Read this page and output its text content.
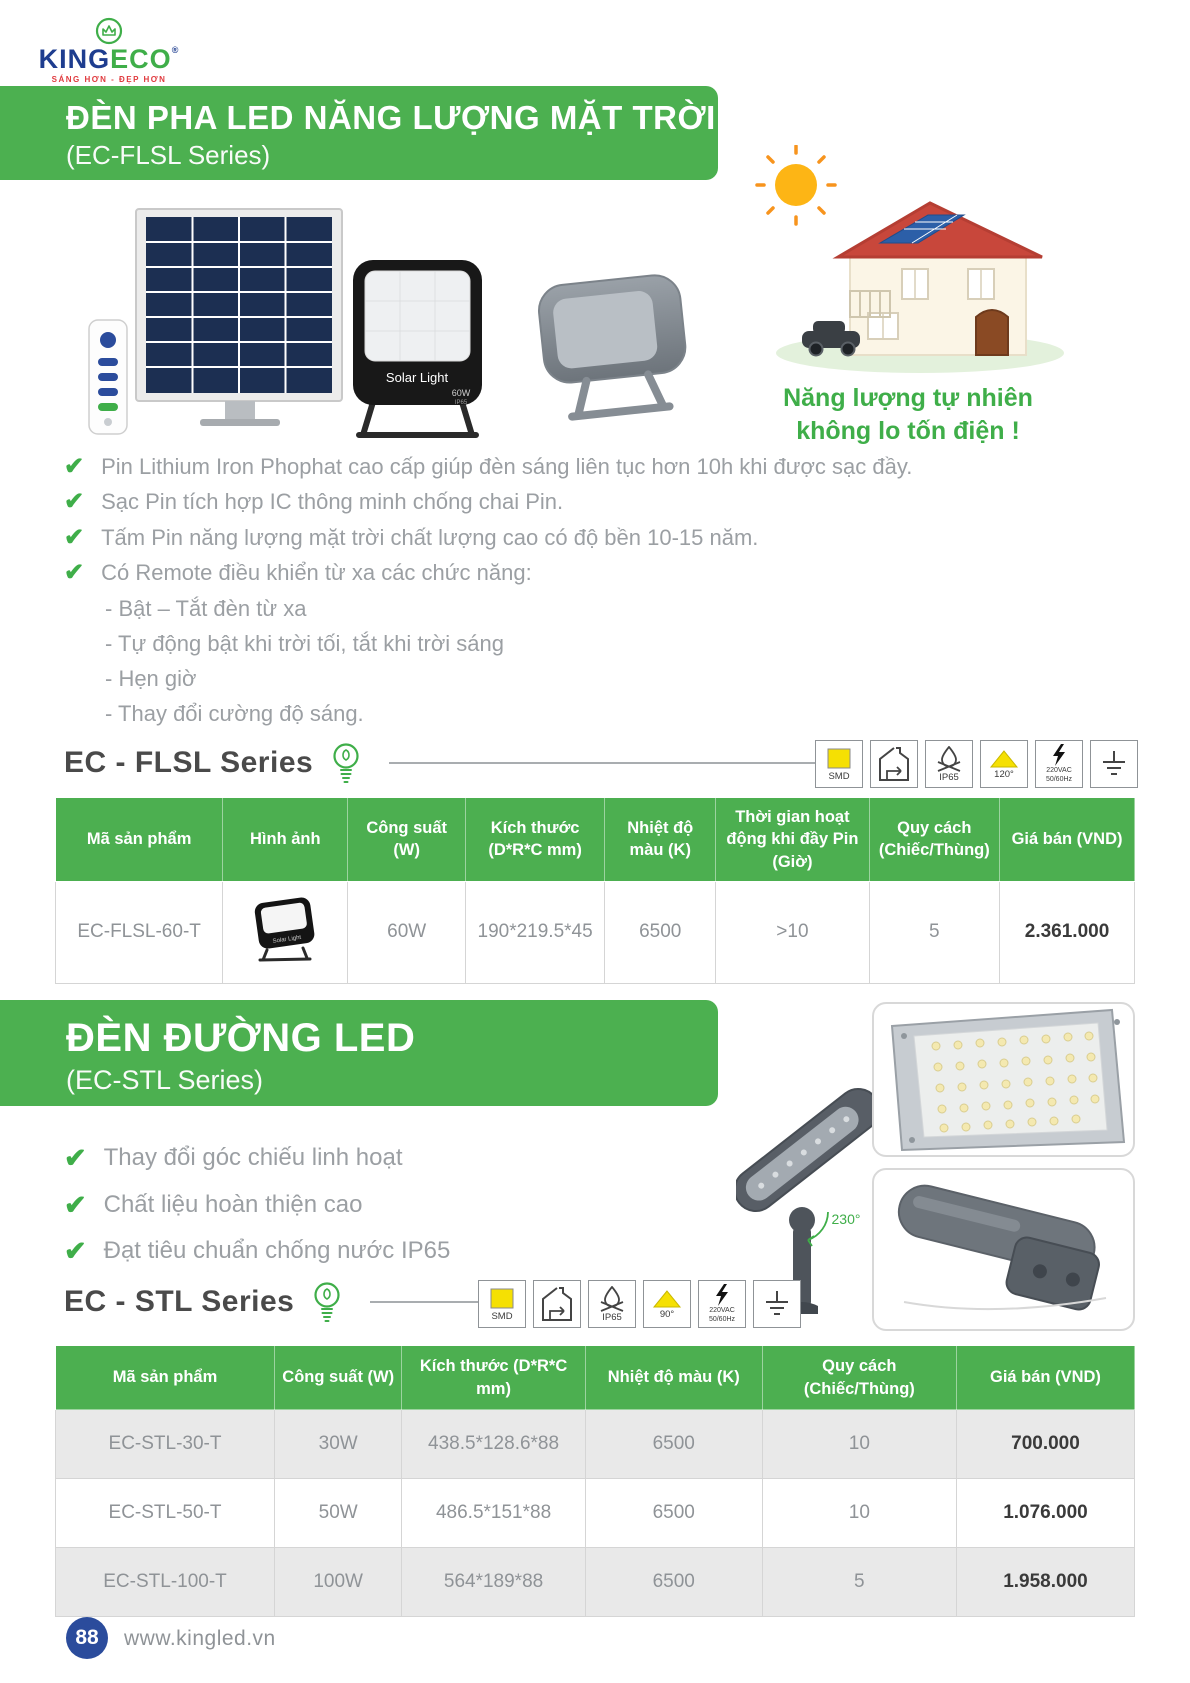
KINGECO®
SÁNG HƠN - ĐẸP HƠN
ĐÈN PHA LED NĂNG LƯỢNG MẶT TRỜI
(EC-FLSL Series)
Solar Light
60W
IP65	Năng lượng tự nhiên
không lo tốn điện !
✔ Pin Lithium Iron Phophat cao cấp giúp đèn sáng liên tục hơn 10h khi được sạc đầy.
✔ Sạc Pin tích hợp IC thông minh chống chai Pin.
✔ Tấm Pin năng lượng mặt trời chất lượng cao có độ bền 10-15 năm.
✔ Có Remote điều khiển từ xa các chức năng:
- Bật – Tắt đèn từ xa
- Tự động bật khi trời tối, tắt khi trời sáng
- Hẹn giờ
- Thay đổi cường độ sáng.
EC - FLSL Series	SMD	IP65	120°	220VAC
50/60Hz
Mã sản phẩm	Hình ảnh	Công suất (W)	Kích thước (D*R*C mm)	Nhiệt độ màu (K)	Thời gian hoạt động khi đầy Pin (Giờ)	Quy cách (Chiếc/Thùng)	Giá bán (VND)
EC-FLSL-60-T	Solar Light	60W	190*219.5*45	6500	>10	5	2.361.000
ĐÈN ĐƯỜNG LED
(EC-STL Series)
230°
✔ Thay đổi góc chiếu linh hoạt
✔ Chất liệu hoàn thiện cao
✔ Đạt tiêu chuẩn chống nước IP65
EC - STL Series	SMD	IP65	90°	220VAC
50/60Hz
Mã sản phẩm	Công suất (W)	Kích thước (D*R*C mm)	Nhiệt độ màu (K)	Quy cách (Chiếc/Thùng)	Giá bán (VND)
EC-STL-30-T	30W	438.5*128.6*88	6500	10	700.000
EC-STL-50-T	50W	486.5*151*88	6500	10	1.076.000
EC-STL-100-T	100W	564*189*88	6500	5	1.958.000
88	www.kingled.vn
